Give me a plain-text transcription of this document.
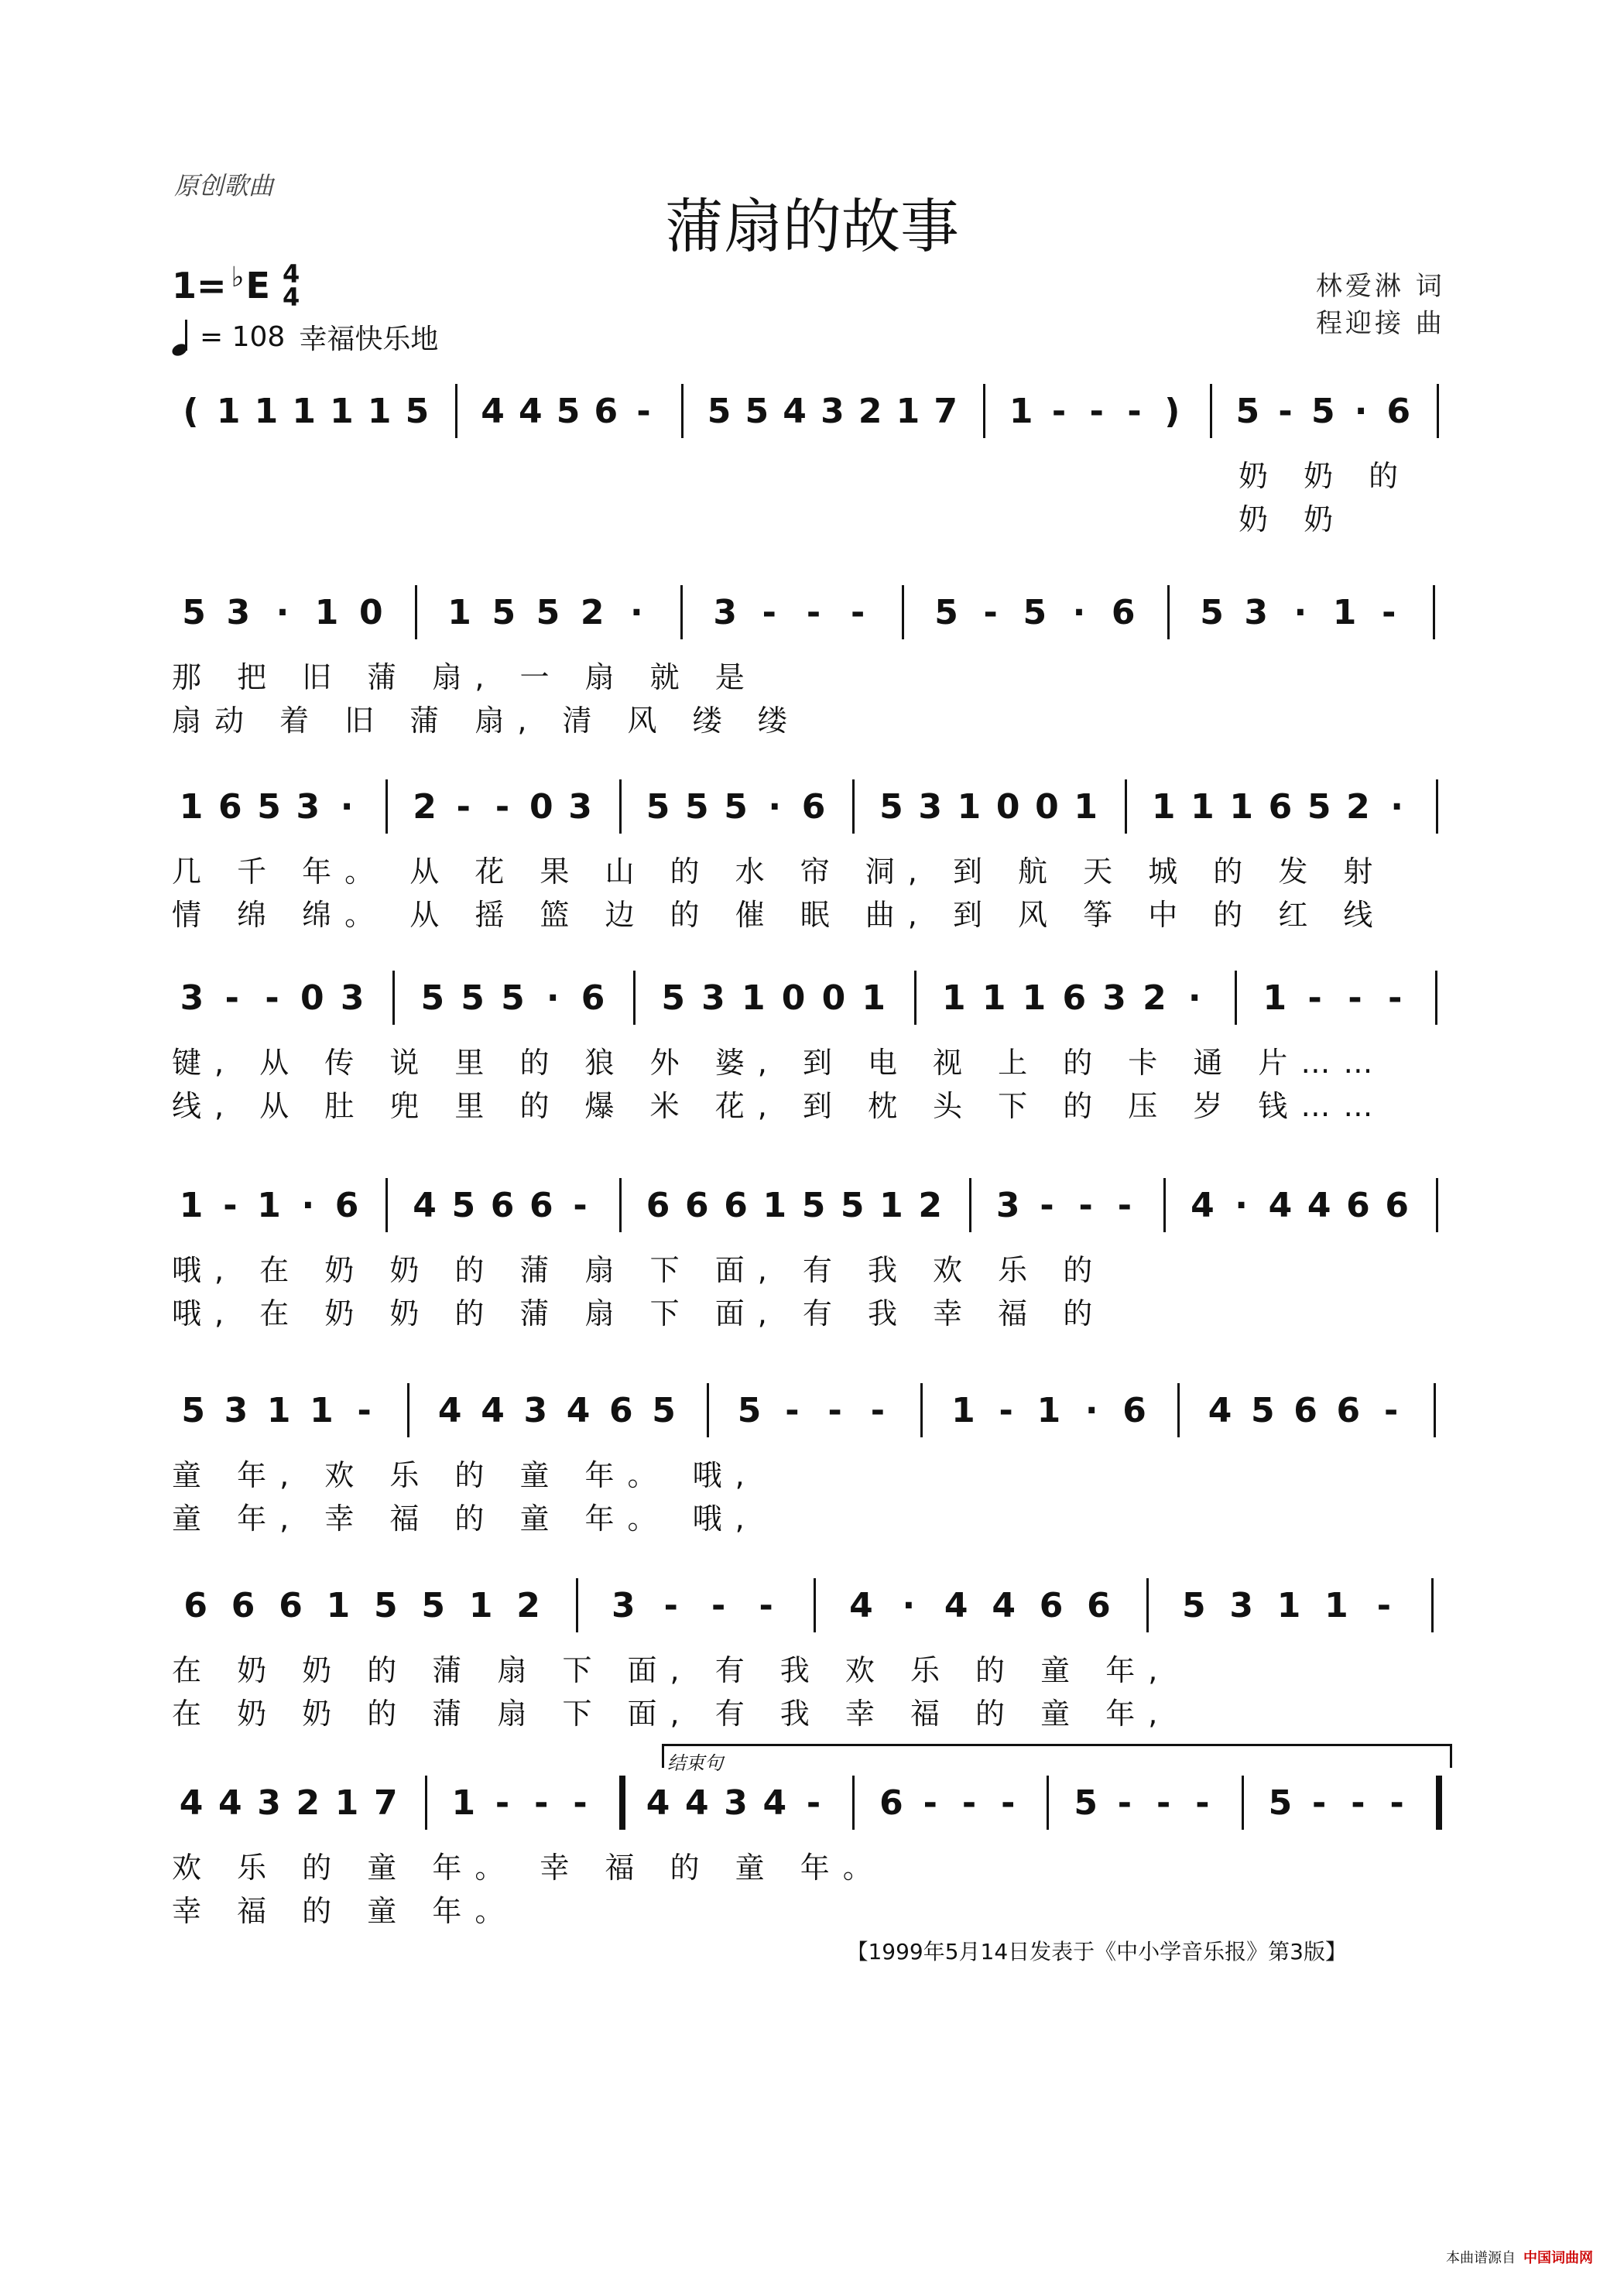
原创歌曲
蒲扇的故事
1= ♭ E 4
4
= 108 幸福快乐地
林爱淋 词
程迎接 曲
结束句
( 1 1 1 1 1 5 4 4 5 6 - 5 5 4 3 2 1 7 1 - - - ) 5 - 5 · 6
奶 奶 的
奶 奶
5 3 · 1 0 1 5 5 2 · 3 - - - 5 - 5 · 6 5 3 · 1 -
那 把 旧 蒲 扇, 一 扇 就 是
扇动 着 旧 蒲 扇, 清 风 缕 缕
1 6 5 3 · 2 - - 0 3 5 5 5 · 6 5 3 1 0 0 1 1 1 1 6 5 2 ·
几 千 年。 从 花 果 山 的 水 帘 洞, 到 航 天 城 的 发 射
情 绵 绵。 从 摇 篮 边 的 催 眠 曲, 到 风 筝 中 的 红 线
3 - - 0 3 5 5 5 · 6 5 3 1 0 0 1 1 1 1 6 3 2 · 1 - - -
键, 从 传 说 里 的 狼 外 婆, 到 电 视 上 的 卡 通 片……
线, 从 肚 兜 里 的 爆 米 花, 到 枕 头 下 的 压 岁 钱……
1 - 1 · 6 4 5 6 6 - 6 6 6 1 5 5 1 2 3 - - - 4 · 4 4 6 6
哦, 在 奶 奶 的 蒲 扇 下 面, 有 我 欢 乐 的
哦, 在 奶 奶 的 蒲 扇 下 面, 有 我 幸 福 的
5 3 1 1 - 4 4 3 4 6 5 5 - - - 1 - 1 · 6 4 5 6 6 -
童 年, 欢 乐 的 童 年。 哦,
童 年, 幸 福 的 童 年。 哦,
6 6 6 1 5 5 1 2 3 - - - 4 · 4 4 6 6 5 3 1 1 -
在 奶 奶 的 蒲 扇 下 面, 有 我 欢 乐 的 童 年,
在 奶 奶 的 蒲 扇 下 面, 有 我 幸 福 的 童 年,
4 4 3 2 1 7 1 - - - 4 4 3 4 - 6 - - - 5 - - - 5 - - -
欢 乐 的 童 年。 幸 福 的 童 年。
幸 福 的 童 年。
【1999年5月14日发表于《中小学音乐报》第3版】
本曲谱源自 中国词曲网
